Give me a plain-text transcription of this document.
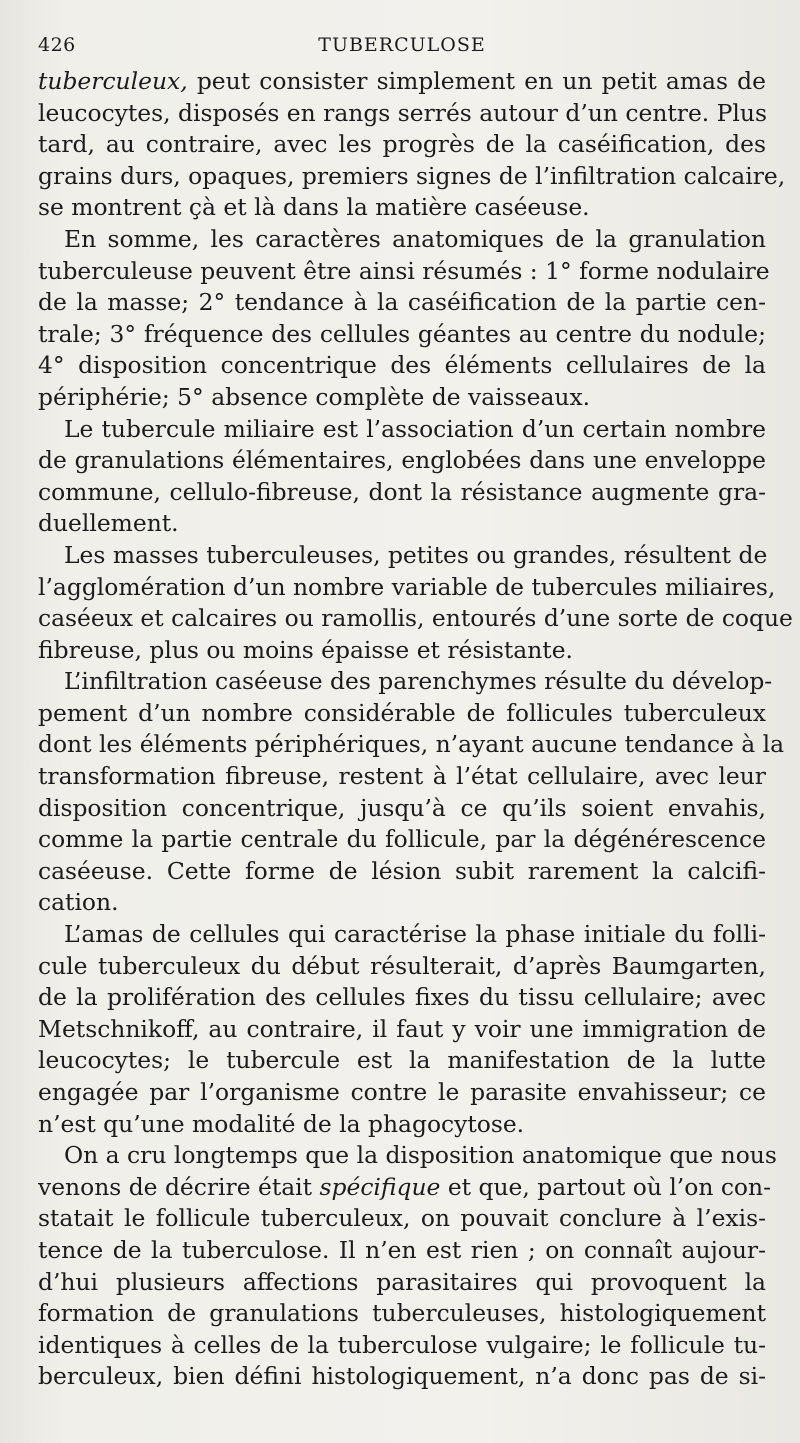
426	TUBERCULOSE

tuberculeux, peut consister simplement en un petit amas de
leucocytes, disposés en rangs serrés autour d’un centre. Plus
tard, au contraire, avec les progrès de la caséification, des
grains durs, opaques, premiers signes de l’infiltration calcaire,
se montrent çà et là dans la matière caséeuse.

En somme, les caractères anatomiques de la granulation
tuberculeuse peuvent être ainsi résumés : 1° forme nodulaire
de la masse; 2° tendance à la caséification de la partie cen-
trale; 3° fréquence des cellules géantes au centre du nodule;
4° disposition concentrique des éléments cellulaires de la
périphérie; 5° absence complète de vaisseaux.

Le tubercule miliaire est l’association d’un certain nombre
de granulations élémentaires, englobées dans une enveloppe
commune, cellulo-fibreuse, dont la résistance augmente gra-
duellement.

Les masses tuberculeuses, petites ou grandes, résultent de
l’agglomération d’un nombre variable de tubercules miliaires,
caséeux et calcaires ou ramollis, entourés d’une sorte de coque
fibreuse, plus ou moins épaisse et résistante.

L’infiltration caséeuse des parenchymes résulte du dévelop-
pement d’un nombre considérable de follicules tuberculeux
dont les éléments périphériques, n’ayant aucune tendance à la
transformation fibreuse, restent à l’état cellulaire, avec leur
disposition concentrique, jusqu’à ce qu’ils soient envahis,
comme la partie centrale du follicule, par la dégénérescence
caséeuse. Cette forme de lésion subit rarement la calcifi-
cation.

L’amas de cellules qui caractérise la phase initiale du folli-
cule tuberculeux du début résulterait, d’après Baumgarten,
de la prolifération des cellules fixes du tissu cellulaire; avec
Metschnikoff, au contraire, il faut y voir une immigration de
leucocytes; le tubercule est la manifestation de la lutte
engagée par l’organisme contre le parasite envahisseur; ce
n’est qu’une modalité de la phagocytose.

On a cru longtemps que la disposition anatomique que nous
venons de décrire était spécifique et que, partout où l’on con-
statait le follicule tuberculeux, on pouvait conclure à l’exis-
tence de la tuberculose. Il n’en est rien ; on connaît aujour-
d’hui plusieurs affections parasitaires qui provoquent la
formation de granulations tuberculeuses, histologiquement
identiques à celles de la tuberculose vulgaire; le follicule tu-
berculeux, bien défini histologiquement, n’a donc pas de si-
